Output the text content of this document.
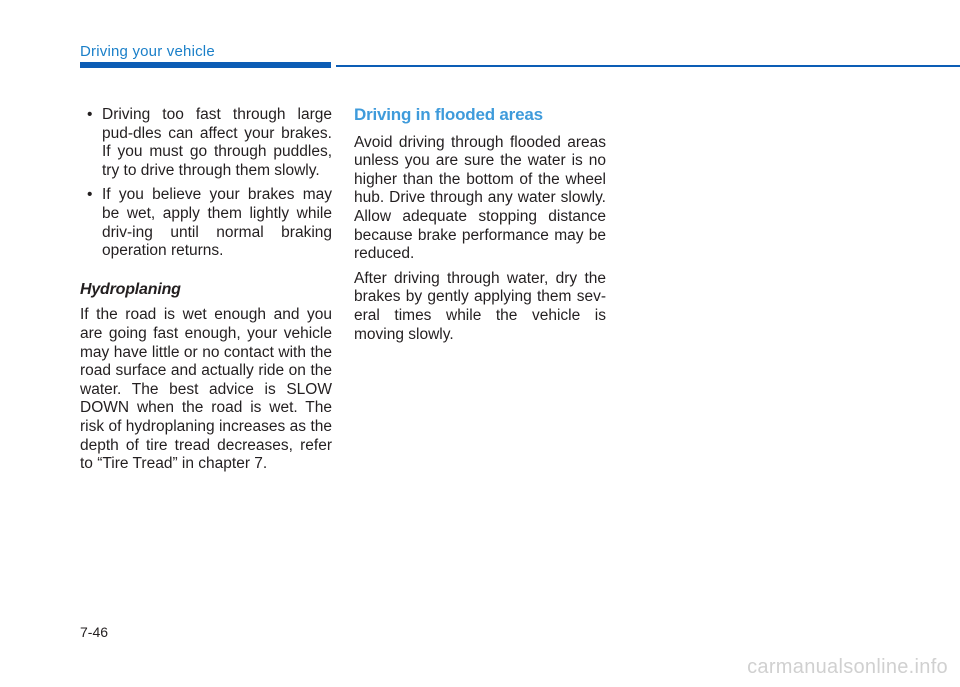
Driving your vehicle
• Driving too fast through large pud-dles can affect your brakes. If you must go through puddles, try to drive through them slowly.
• If you believe your brakes may be wet, apply them lightly while driv-ing until normal braking operation returns.
Hydroplaning

If the road is wet enough and you are going fast enough, your vehicle may have little or no contact with the road surface and actually ride on the water. The best advice is SLOW DOWN when the road is wet. The risk of hydroplaning increases as the depth of tire tread decreases, refer to “Tire Tread” in chapter 7.

Driving in flooded areas

Avoid driving through flooded areas unless you are sure the water is no higher than the bottom of the wheel hub. Drive through any water slowly. Allow adequate stopping distance because brake performance may be reduced.

After driving through water, dry the brakes by gently applying them sev-eral times while the vehicle is moving slowly.

7-46
carmanualsonline.info
